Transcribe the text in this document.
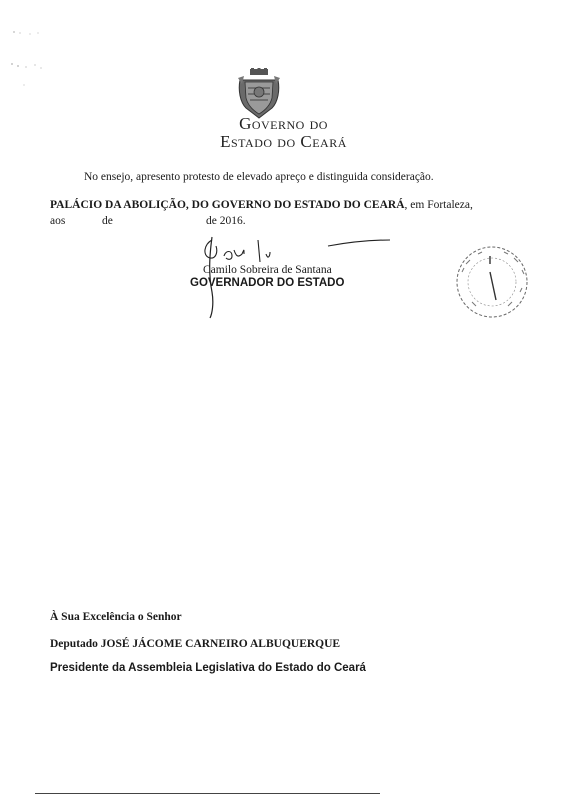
Governo do
Estado do Ceará
No ensejo, apresento protesto de elevado apreço e distinguida consideração.
PALÁCIO DA ABOLIÇÃO, DO GOVERNO DO ESTADO DO CEARÁ, em Fortaleza,
aos	de	de 2016.
Camilo Sobreira de Santana
GOVERNADOR DO ESTADO
À Sua Excelência o Senhor
Deputado JOSÉ JÁCOME CARNEIRO ALBUQUERQUE
Presidente da Assembleia Legislativa do Estado do Ceará
